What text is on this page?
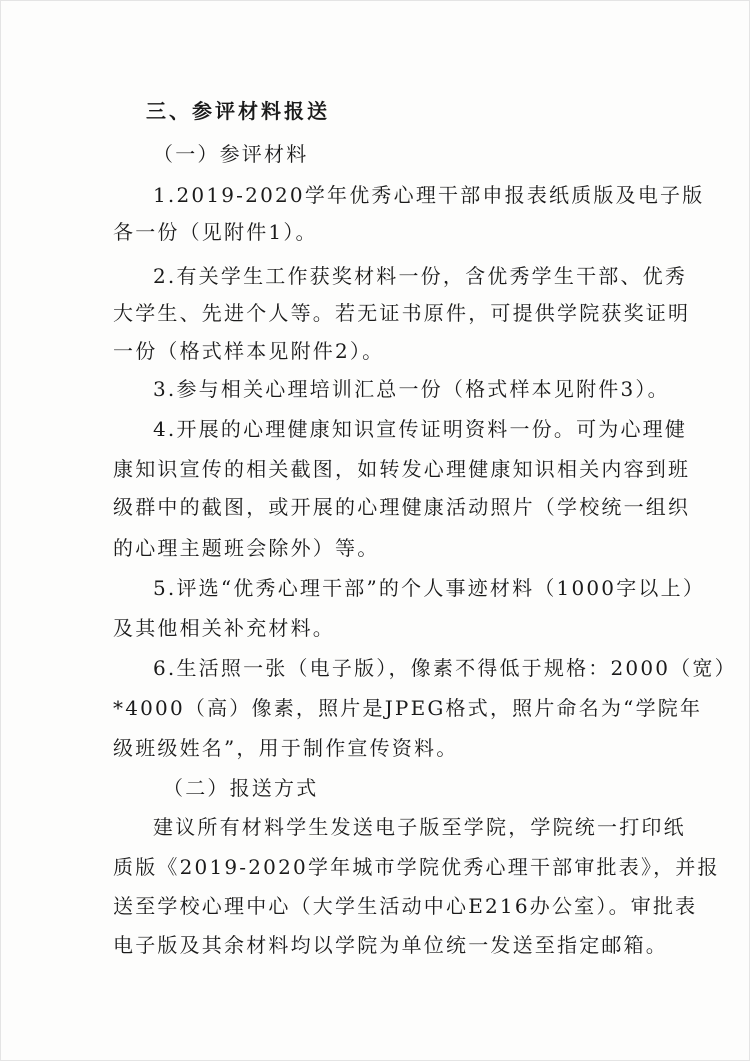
三、参评材料报送
（一）参评材料
1.2019-2020学年优秀心理干部申报表纸质版及电子版
各一份（见附件1）。
2.有关学生工作获奖材料一份，含优秀学生干部、优秀
大学生、先进个人等。若无证书原件，可提供学院获奖证明
一份（格式样本见附件2）。
3.参与相关心理培训汇总一份（格式样本见附件3）。
4.开展的心理健康知识宣传证明资料一份。可为心理健
康知识宣传的相关截图，如转发心理健康知识相关内容到班
级群中的截图，或开展的心理健康活动照片（学校统一组织
的心理主题班会除外）等。
5.评选“优秀心理干部”的个人事迹材料（1000字以上）
及其他相关补充材料。
6.生活照一张（电子版），像素不得低于规格：2000（宽）
*4000（高）像素，照片是JPEG格式，照片命名为“学院年
级班级姓名”，用于制作宣传资料。
（二）报送方式
建议所有材料学生发送电子版至学院，学院统一打印纸
质版《2019-2020学年城市学院优秀心理干部审批表》，并报
送至学校心理中心（大学生活动中心E216办公室）。审批表
电子版及其余材料均以学院为单位统一发送至指定邮箱。
